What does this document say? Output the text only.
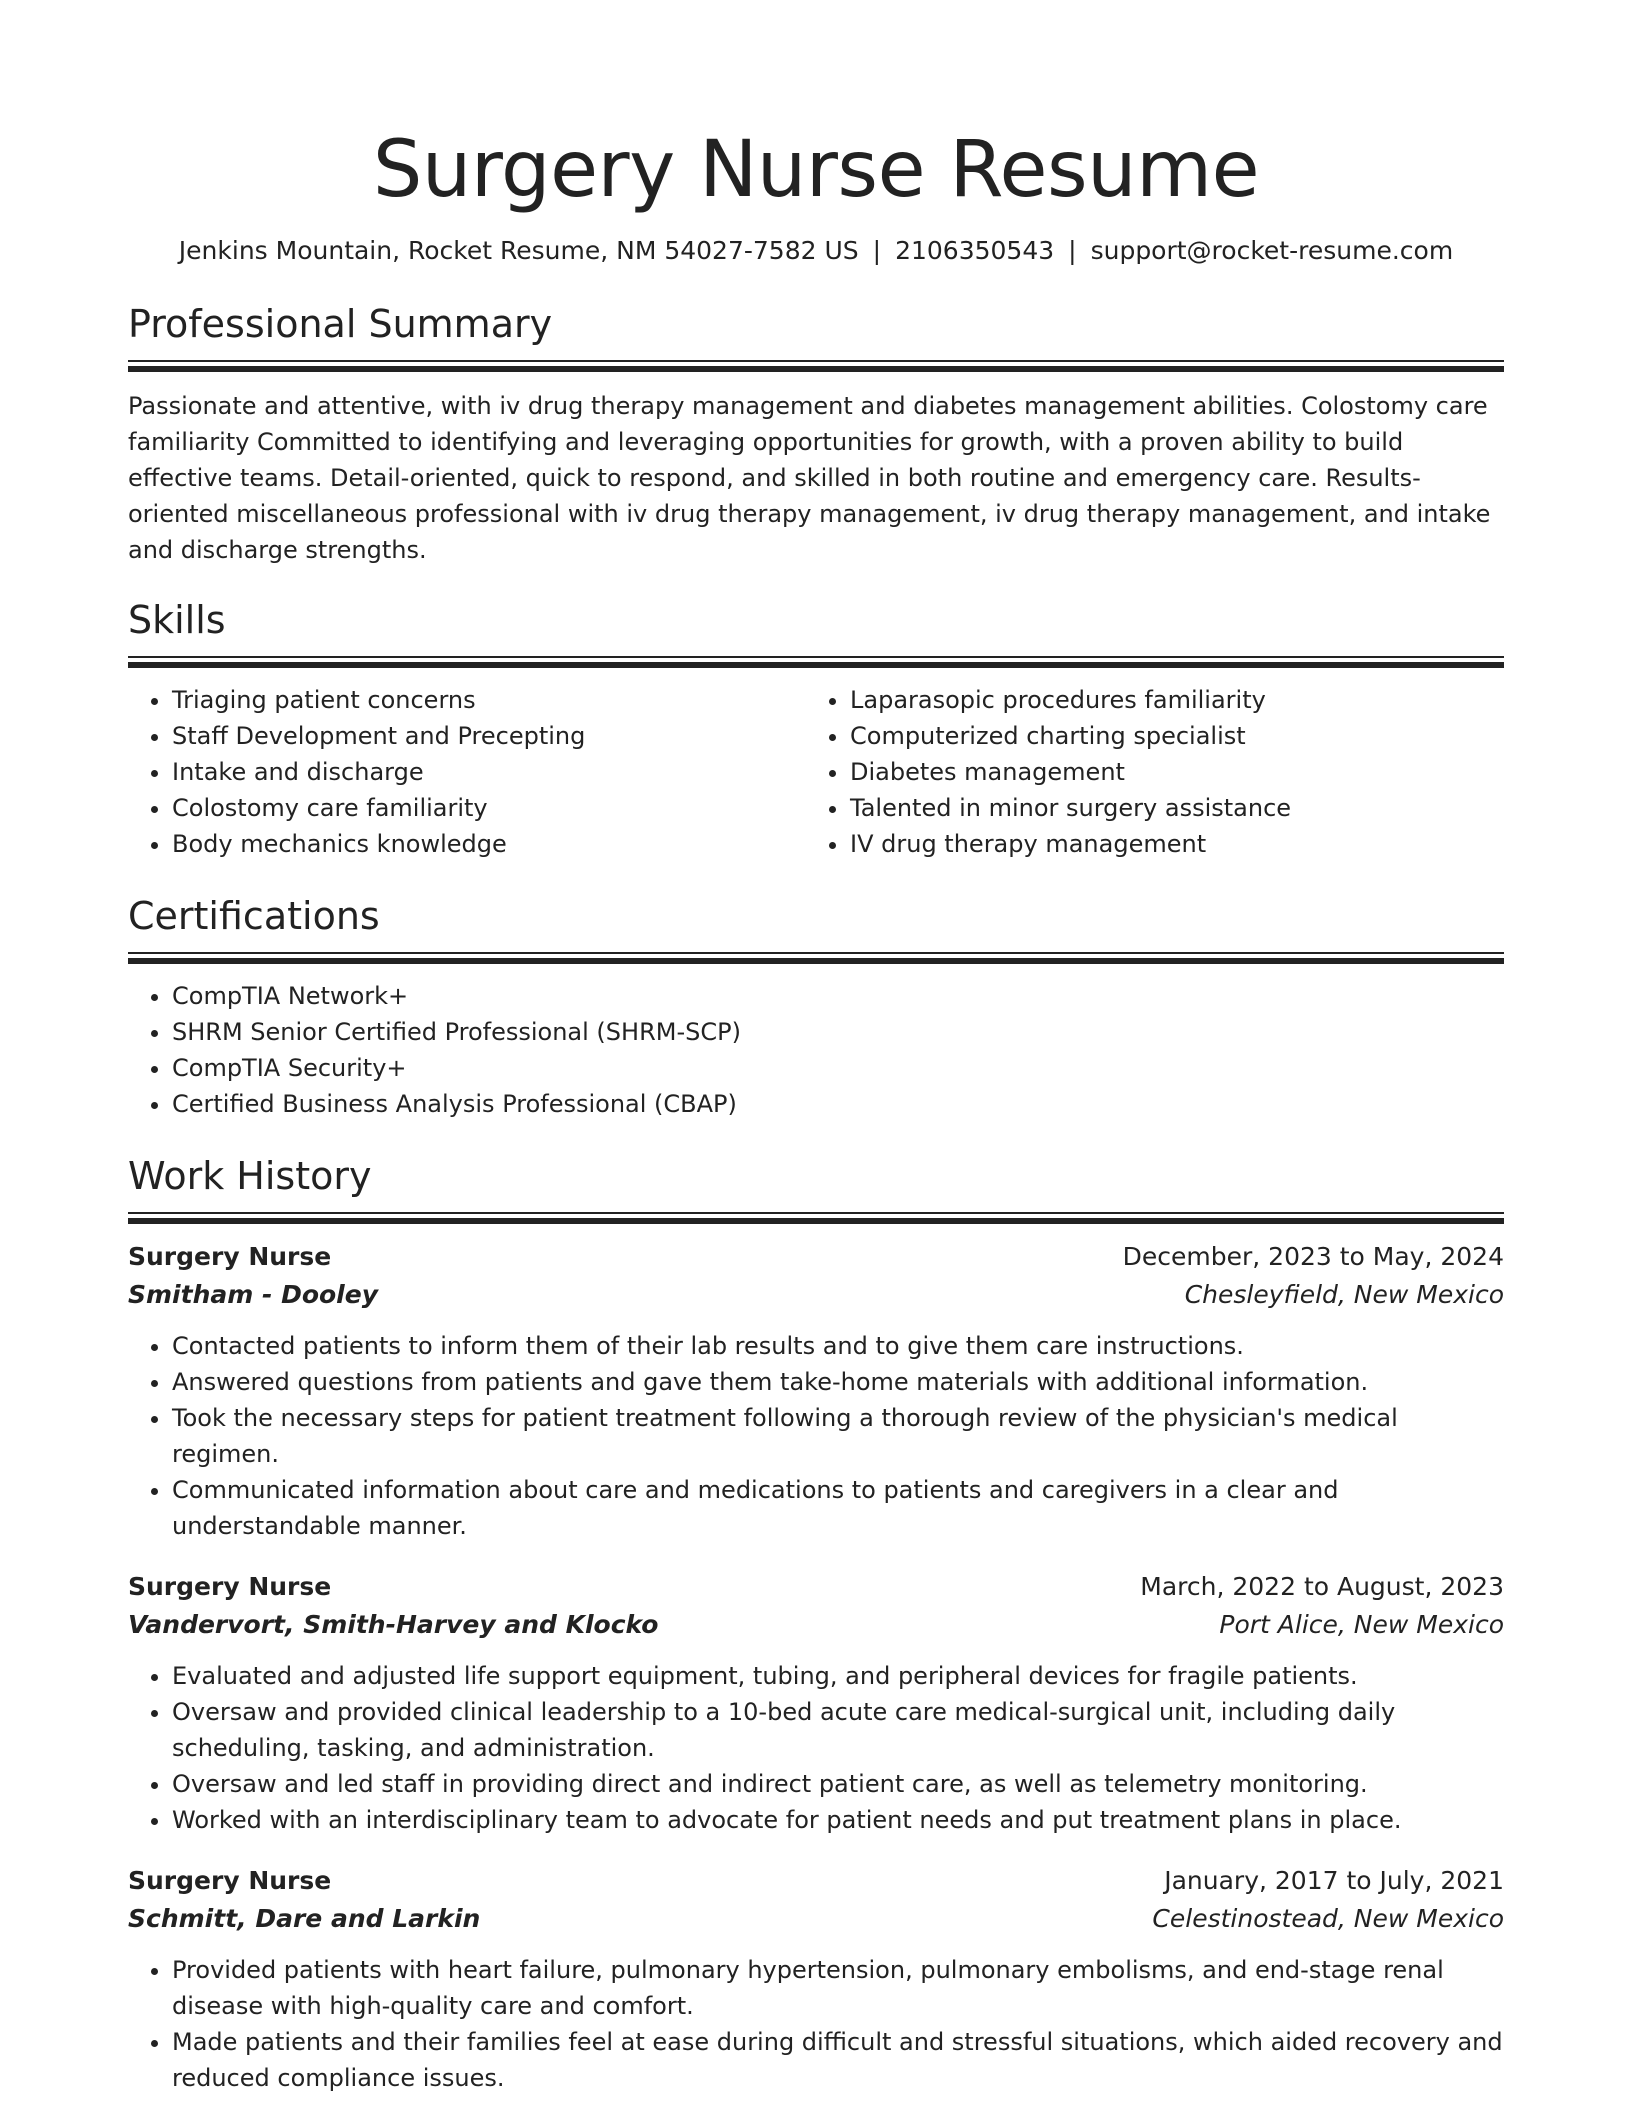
Surgery Nurse Resume
Jenkins Mountain, Rocket Resume, NM 54027-7582 US | 2106350543 | support@rocket-resume.com
Professional Summary

Passionate and attentive, with iv drug therapy management and diabetes management abilities. Colostomy care familiarity Committed to identifying and leveraging opportunities for growth, with a proven ability to build effective teams. Detail-oriented, quick to respond, and skilled in both routine and emergency care. Results-oriented miscellaneous professional with iv drug therapy management, iv drug therapy management, and intake and discharge strengths.

Skills
• Triaging patient concerns
• Staff Development and Precepting
• Intake and discharge
• Colostomy care familiarity
• Body mechanics knowledge
• Laparasopic procedures familiarity
• Computerized charting specialist
• Diabetes management
• Talented in minor surgery assistance
• IV drug therapy management
Certifications
• CompTIA Network+
• SHRM Senior Certified Professional (SHRM-SCP)
• CompTIA Security+
• Certified Business Analysis Professional (CBAP)
Work History
Surgery Nurse	December, 2023 to May, 2024
Smitham - Dooley	Chesleyfield, New Mexico
• Contacted patients to inform them of their lab results and to give them care instructions.
• Answered questions from patients and gave them take-home materials with additional information.
• Took the necessary steps for patient treatment following a thorough review of the physician's medical regimen.
• Communicated information about care and medications to patients and caregivers in a clear and understandable manner.
Surgery Nurse	March, 2022 to August, 2023
Vandervort, Smith-Harvey and Klocko	Port Alice, New Mexico
• Evaluated and adjusted life support equipment, tubing, and peripheral devices for fragile patients.
• Oversaw and provided clinical leadership to a 10-bed acute care medical-surgical unit, including daily scheduling, tasking, and administration.
• Oversaw and led staff in providing direct and indirect patient care, as well as telemetry monitoring.
• Worked with an interdisciplinary team to advocate for patient needs and put treatment plans in place.
Surgery Nurse	January, 2017 to July, 2021
Schmitt, Dare and Larkin	Celestinostead, New Mexico
• Provided patients with heart failure, pulmonary hypertension, pulmonary embolisms, and end-stage renal disease with high-quality care and comfort.
• Made patients and their families feel at ease during difficult and stressful situations, which aided recovery and reduced compliance issues.
